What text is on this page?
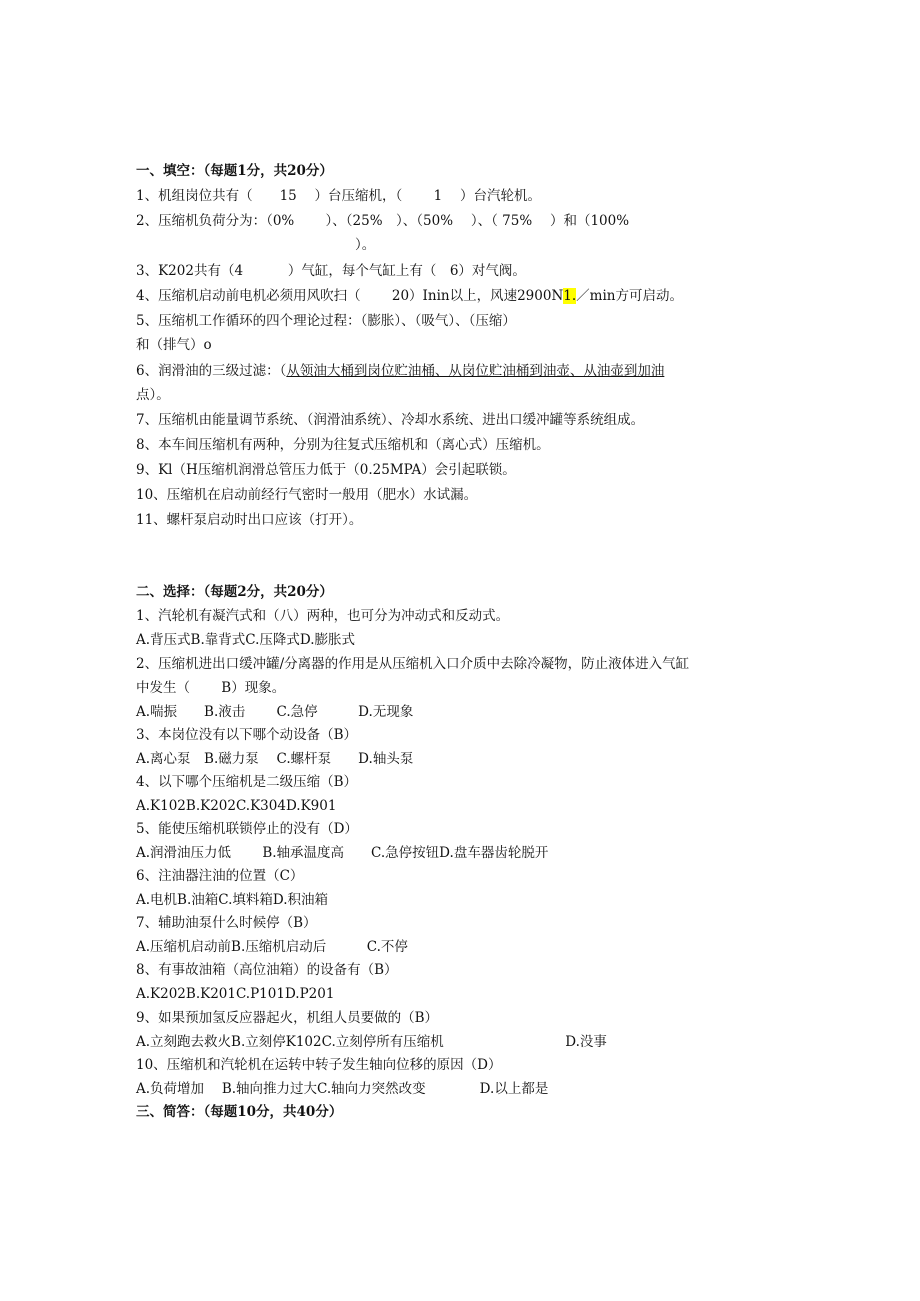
一、填空：（每题1分，共20分）
1、机组岗位共有（　　15　 ）台压缩机，（　　 1　 ）台汽轮机。
2、压缩机负荷分为：（0%　　 ）、（25%　）、（50%　 ）、（ 75%　 ）和（100%
）。
3、K202共有（4　　　 ）气缸，每个气缸上有（　6）对气阀。
4、压缩机启动前电机必须用风吹扫（　　 20）Inin以上，风速2900N1.／min方可启动。
5、压缩机工作循环的四个理论过程：（膨胀）、（吸气）、（压缩）
和（排气）o
6、润滑油的三级过滤：（从领油大桶到岗位贮油桶、从岗位贮油桶到油壶、从油壶到加油
点）。
7、压缩机由能量调节系统、（润滑油系统）、冷却水系统、进出口缓冲罐等系统组成。
8、本车间压缩机有两种，分别为往复式压缩机和（离心式）压缩机。
9、Kl（H压缩机润滑总管压力低于（0.25MPA）会引起联锁。
10、压缩机在启动前经行气密时一般用（肥水）水试漏。
11、螺杆泵启动时出口应该（打开）。
二、选择：（每题2分，共20分）
1、汽轮机有凝汽式和（八）两种，也可分为冲动式和反动式。
A.背压式B.靠背式C.压降式D.膨胀式
2、压缩机进出口缓冲罐/分离器的作用是从压缩机入口介质中去除冷凝物，防止液体进入气缸
中发生（　　 B）现象。
A.喘振　　B.液击　　 C.急停　　　D.无现象
3、本岗位没有以下哪个动设备（B）
A.离心泵　B.磁力泵　 C.螺杆泵　　D.轴头泵
4、以下哪个压缩机是二级压缩（B）
A.K102B.K202C.K304D.K901
5、能使压缩机联锁停止的没有（D）
A.润滑油压力低　　 B.轴承温度高　　C.急停按钮D.盘车器齿轮脱开
6、注油器注油的位置（C）
A.电机B.油箱C.填料箱D.积油箱
7、辅助油泵什么时候停（B）
A.压缩机启动前B.压缩机启动后　　　C.不停
8、有事故油箱（高位油箱）的设备有（B）
A.K202B.K201C.P101D.P201
9、如果预加氢反应器起火，机组人员要做的（B）
A.立刻跑去救火B.立刻停K102C.立刻停所有压缩机　　　　　　　　　D.没事
10、压缩机和汽轮机在运转中转子发生轴向位移的原因（D）
A.负荷增加　 B.轴向推力过大C.轴向力突然改变　　　　D.以上都是
三、简答：（每题10分，共40分）
